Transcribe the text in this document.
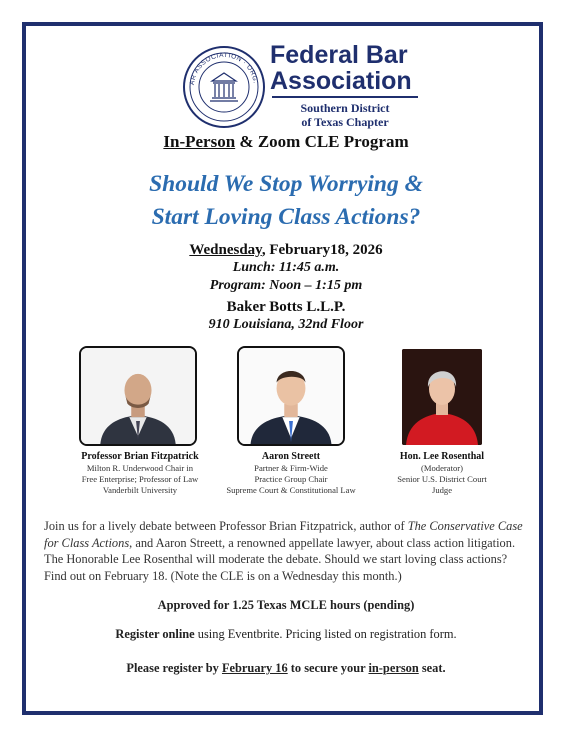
AR ASSOCIATION · ORG.
Federal Bar
Association
Southern District
of Texas Chapter
In-Person & Zoom CLE Program
Should We Stop Worrying &
Start Loving Class Actions?
Wednesday, February18, 2026
Lunch: 11:45 a.m.
Program: Noon – 1:15 pm
Baker Botts L.L.P.
910 Louisiana, 32nd Floor
Professor Brian Fitzpatrick
Milton R. Underwood Chair in
Free Enterprise; Professor of Law
Vanderbilt University
Aaron Streett
Partner & Firm-Wide
Practice Group Chair
Supreme Court & Constitutional Law
Hon. Lee Rosenthal
(Moderator)
Senior U.S. District Court
Judge
Join us for a lively debate between Professor Brian Fitzpatrick, author of The Conservative Case for Class Actions, and Aaron Streett, a renowned appellate lawyer, about class action litigation. The Honorable Lee Rosenthal will moderate the debate. Should we start loving class actions? Find out on February 18. (Note the CLE is on a Wednesday this month.)
Approved for 1.25 Texas MCLE hours (pending)
Register online using Eventbrite. Pricing listed on registration form.
Please register by February 16 to secure your in-person seat.
